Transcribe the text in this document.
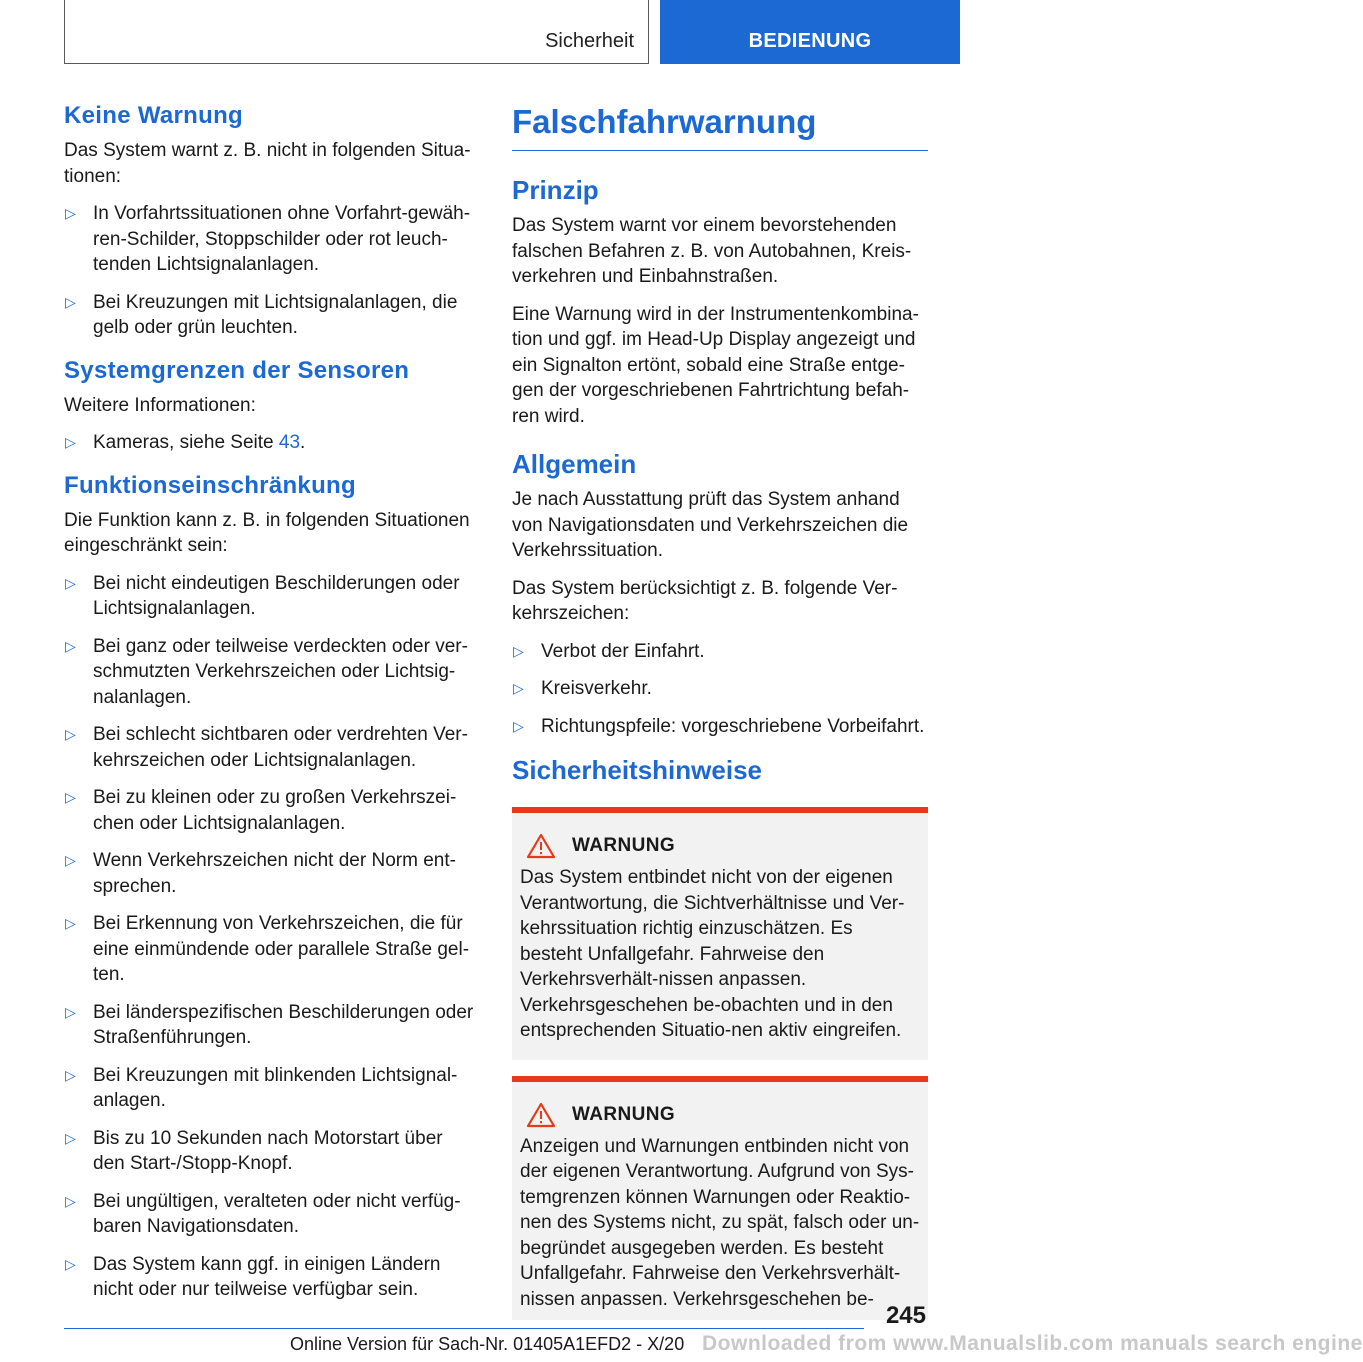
Sicherheit	BEDIENUNG
Keine Warnung

Das System warnt z. B. nicht in folgenden Situa-tionen:

▷ In Vorfahrtssituationen ohne Vorfahrt-gewäh-ren-Schilder, Stoppschilder oder rot leuch-tenden Lichtsignalanlagen.
▷ Bei Kreuzungen mit Lichtsignalanlagen, die gelb oder grün leuchten.
Systemgrenzen der Sensoren

Weitere Informationen:

▷ Kameras, siehe Seite 43.
Funktionseinschränkung

Die Funktion kann z. B. in folgenden Situationen eingeschränkt sein:

▷ Bei nicht eindeutigen Beschilderungen oder Lichtsignalanlagen.
▷ Bei ganz oder teilweise verdeckten oder ver-schmutzten Verkehrszeichen oder Lichtsig-nalanlagen.
▷ Bei schlecht sichtbaren oder verdrehten Ver-kehrszeichen oder Lichtsignalanlagen.
▷ Bei zu kleinen oder zu großen Verkehrszei-chen oder Lichtsignalanlagen.
▷ Wenn Verkehrszeichen nicht der Norm ent-sprechen.
▷ Bei Erkennung von Verkehrszeichen, die für eine einmündende oder parallele Straße gel-ten.
▷ Bei länderspezifischen Beschilderungen oder Straßenführungen.
▷ Bei Kreuzungen mit blinkenden Lichtsignal-anlagen.
▷ Bis zu 10 Sekunden nach Motorstart über den Start-/Stopp-Knopf.
▷ Bei ungültigen, veralteten oder nicht verfüg-baren Navigationsdaten.
▷ Das System kann ggf. in einigen Ländern nicht oder nur teilweise verfügbar sein.
Falschfahrwarnung
Prinzip

Das System warnt vor einem bevorstehenden falschen Befahren z. B. von Autobahnen, Kreis-verkehren und Einbahnstraßen.

Eine Warnung wird in der Instrumentenkombina-tion und ggf. im Head-Up Display angezeigt und ein Signalton ertönt, sobald eine Straße entge-gen der vorgeschriebenen Fahrtrichtung befah-ren wird.

Allgemein

Je nach Ausstattung prüft das System anhand von Navigationsdaten und Verkehrszeichen die Verkehrssituation.

Das System berücksichtigt z. B. folgende Ver-kehrszeichen:

▷ Verbot der Einfahrt.
▷ Kreisverkehr.
▷ Richtungspfeile: vorgeschriebene Vorbeifahrt.
Sicherheitshinweise
WARNUNG

Das System entbindet nicht von der eigenen Verantwortung, die Sichtverhältnisse und Ver-kehrssituation richtig einzuschätzen. Es besteht Unfallgefahr. Fahrweise den Verkehrsverhält-nissen anpassen. Verkehrsgeschehen be-obachten und in den entsprechenden Situatio-nen aktiv eingreifen.

WARNUNG

Anzeigen und Warnungen entbinden nicht von der eigenen Verantwortung. Aufgrund von Sys-temgrenzen können Warnungen oder Reaktio-nen des Systems nicht, zu spät, falsch oder un-begründet ausgegeben werden. Es besteht Unfallgefahr. Fahrweise den Verkehrsverhält-nissen anpassen. Verkehrsgeschehen be-

245
Online Version für Sach-Nr. 01405A1EFD2 - X/20 Downloaded from www.Manualslib.com manuals search engine
